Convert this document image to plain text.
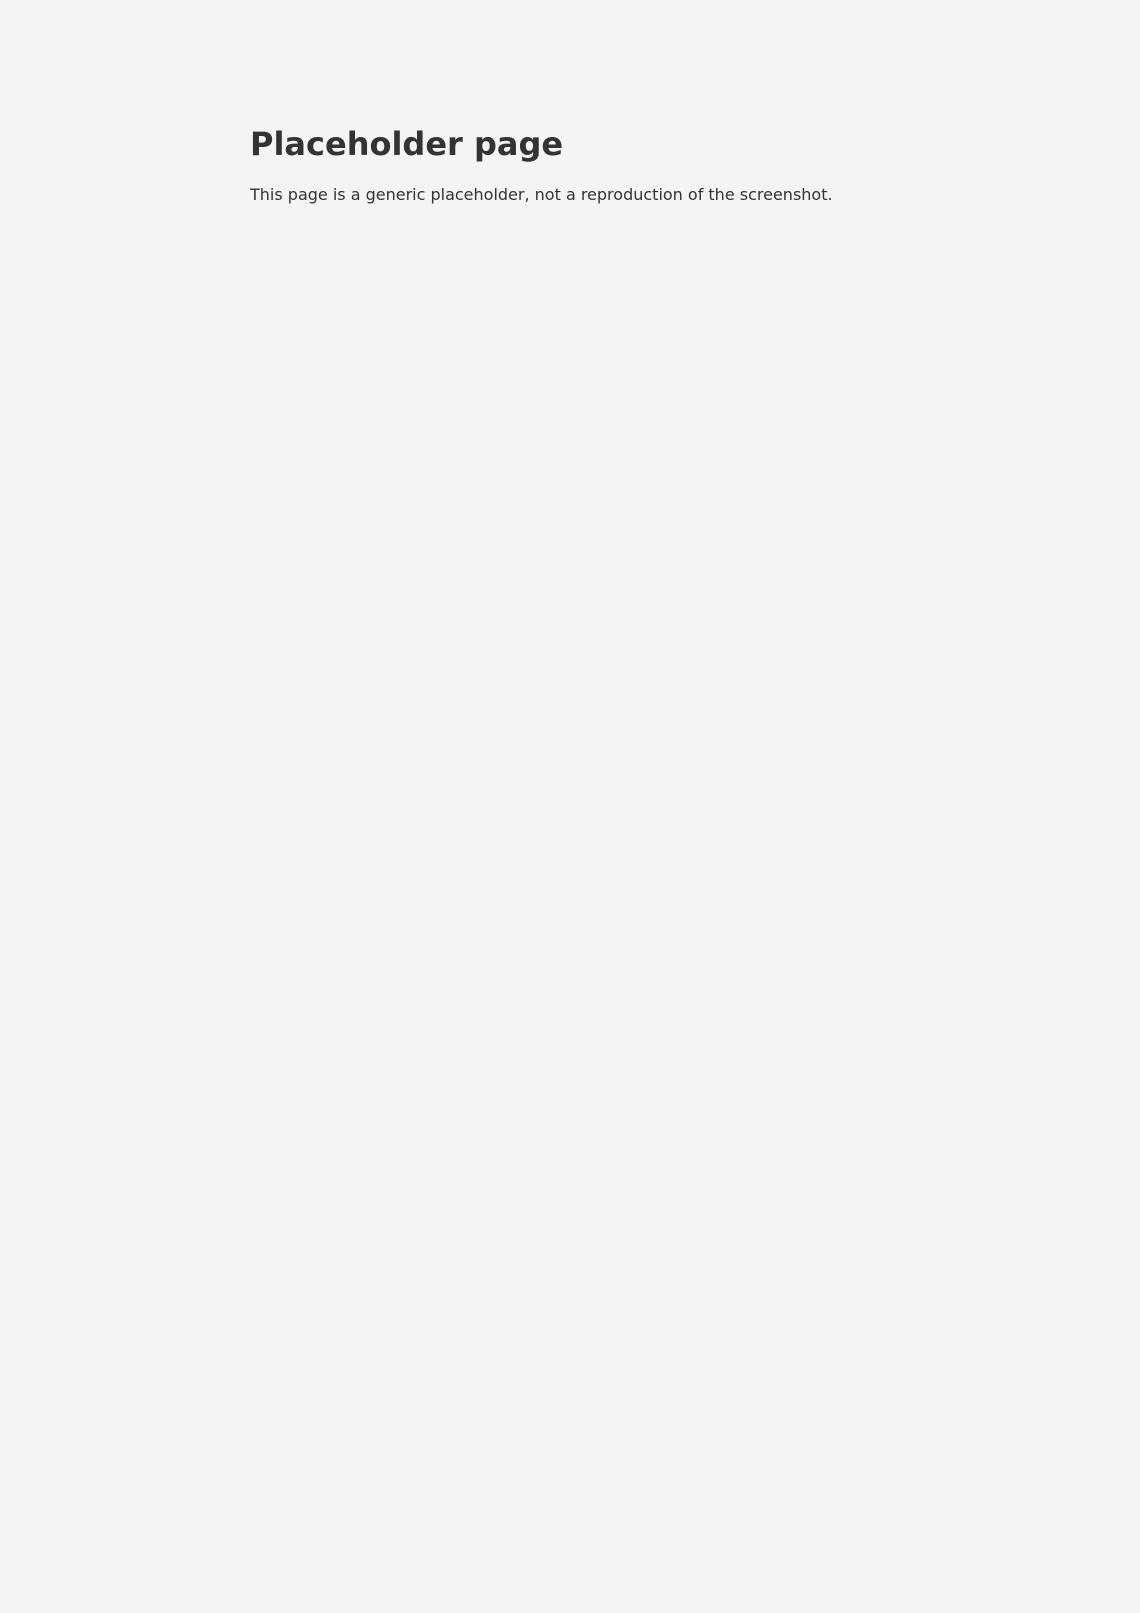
Placeholder page

This page is a generic placeholder, not a reproduction of the screenshot.
